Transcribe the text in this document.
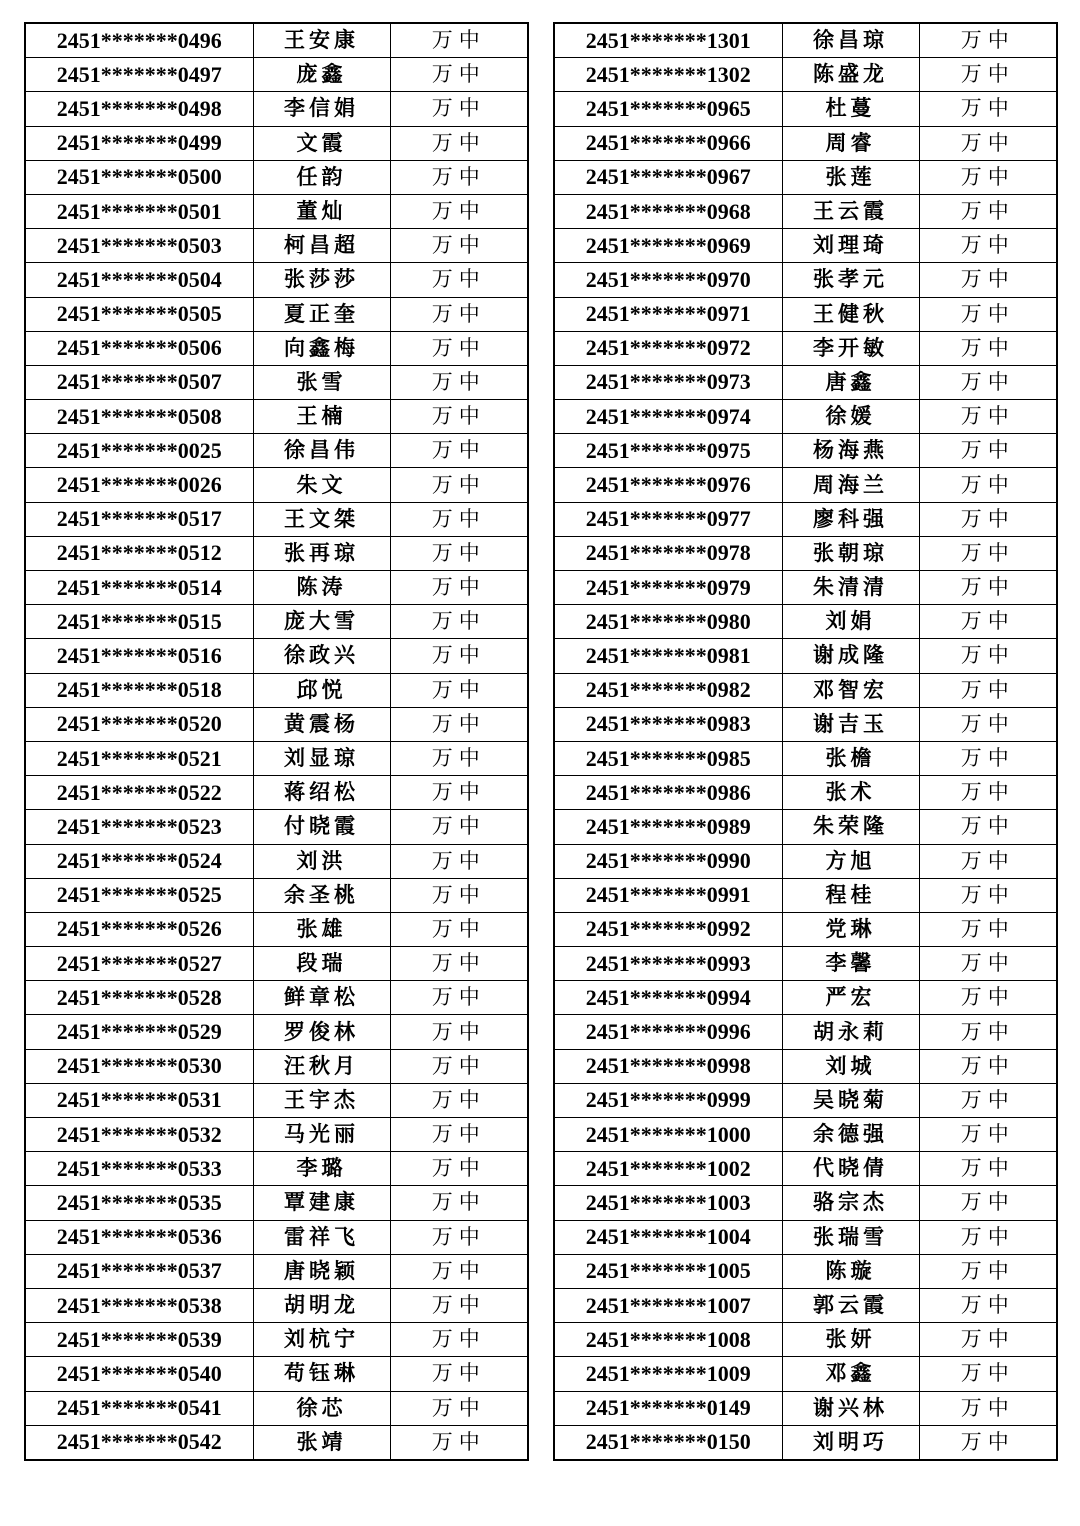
2451*******0496	王安康	万中
2451*******0497	庞鑫	万中
2451*******0498	李信娟	万中
2451*******0499	文霞	万中
2451*******0500	任韵	万中
2451*******0501	董灿	万中
2451*******0503	柯昌超	万中
2451*******0504	张莎莎	万中
2451*******0505	夏正奎	万中
2451*******0506	向鑫梅	万中
2451*******0507	张雪	万中
2451*******0508	王楠	万中
2451*******0025	徐昌伟	万中
2451*******0026	朱文	万中
2451*******0517	王文桀	万中
2451*******0512	张再琼	万中
2451*******0514	陈涛	万中
2451*******0515	庞大雪	万中
2451*******0516	徐政兴	万中
2451*******0518	邱悦	万中
2451*******0520	黄震杨	万中
2451*******0521	刘显琼	万中
2451*******0522	蒋绍松	万中
2451*******0523	付晓霞	万中
2451*******0524	刘洪	万中
2451*******0525	余圣桃	万中
2451*******0526	张雄	万中
2451*******0527	段瑞	万中
2451*******0528	鲜章松	万中
2451*******0529	罗俊林	万中
2451*******0530	汪秋月	万中
2451*******0531	王宇杰	万中
2451*******0532	马光丽	万中
2451*******0533	李璐	万中
2451*******0535	覃建康	万中
2451*******0536	雷祥飞	万中
2451*******0537	唐晓颖	万中
2451*******0538	胡明龙	万中
2451*******0539	刘杭宁	万中
2451*******0540	苟钰琳	万中
2451*******0541	徐芯	万中
2451*******0542	张靖	万中
2451*******1301	徐昌琼	万中
2451*******1302	陈盛龙	万中
2451*******0965	杜蔓	万中
2451*******0966	周睿	万中
2451*******0967	张莲	万中
2451*******0968	王云霞	万中
2451*******0969	刘理琦	万中
2451*******0970	张孝元	万中
2451*******0971	王健秋	万中
2451*******0972	李开敏	万中
2451*******0973	唐鑫	万中
2451*******0974	徐媛	万中
2451*******0975	杨海燕	万中
2451*******0976	周海兰	万中
2451*******0977	廖科强	万中
2451*******0978	张朝琼	万中
2451*******0979	朱清清	万中
2451*******0980	刘娟	万中
2451*******0981	谢成隆	万中
2451*******0982	邓智宏	万中
2451*******0983	谢吉玉	万中
2451*******0985	张檐	万中
2451*******0986	张术	万中
2451*******0989	朱荣隆	万中
2451*******0990	方旭	万中
2451*******0991	程桂	万中
2451*******0992	党琳	万中
2451*******0993	李馨	万中
2451*******0994	严宏	万中
2451*******0996	胡永莉	万中
2451*******0998	刘城	万中
2451*******0999	吴晓菊	万中
2451*******1000	余德强	万中
2451*******1002	代晓倩	万中
2451*******1003	骆宗杰	万中
2451*******1004	张瑞雪	万中
2451*******1005	陈璇	万中
2451*******1007	郭云霞	万中
2451*******1008	张妍	万中
2451*******1009	邓鑫	万中
2451*******0149	谢兴林	万中
2451*******0150	刘明巧	万中
